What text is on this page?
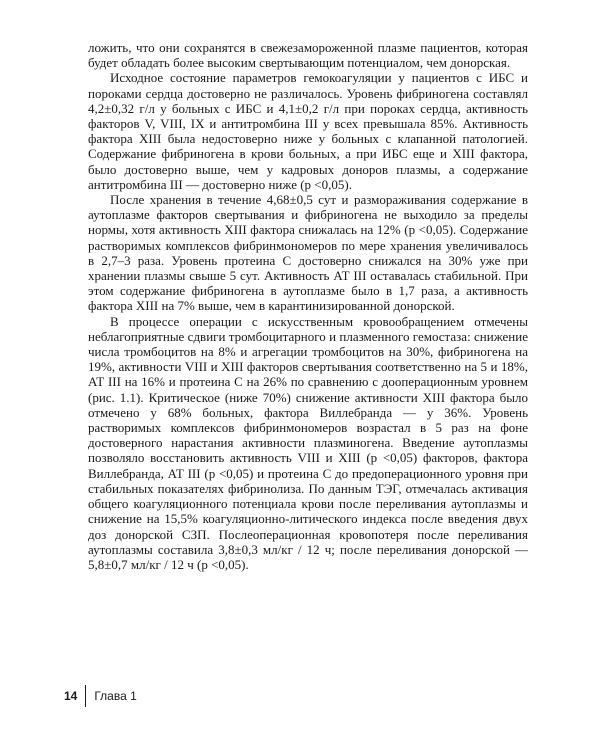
ложить, что они сохранятся в свежезамороженной плазме пациентов, которая будет обладать более высоким свертывающим потенциалом, чем донорская.

Исходное состояние параметров гемокоагуляции у пациентов с ИБС и пороками сердца достоверно не различалось. Уровень фибриногена составлял 4,2±0,32 г/л у больных с ИБС и 4,1±0,2 г/л при пороках сердца, активность факторов V, VIII, IX и антитромбина III у всех превышала 85%. Активность фактора XIII была недостоверно ниже у больных с клапанной патологией. Содержание фибриногена в крови больных, а при ИБС еще и XIII фактора, было достоверно выше, чем у кадровых доноров плазмы, а содержание антитромбина III — достоверно ниже (p <0,05).

После хранения в течение 4,68±0,5 сут и размораживания содержание в аутоплазме факторов свертывания и фибриногена не выходило за пределы нормы, хотя активность XIII фактора снижалась на 12% (p <0,05). Содержание растворимых комплексов фибринмономеров по мере хранения увеличивалось в 2,7–3 раза. Уровень протеина С достоверно снижался на 30% уже при хранении плазмы свыше 5 сут. Активность АТ III оставалась стабильной. При этом содержание фибриногена в аутоплазме было в 1,7 раза, а активность фактора XIII на 7% выше, чем в карантинизированной донорской.

В процессе операции с искусственным кровообращением отмечены неблагоприятные сдвиги тромбоцитарного и плазменного гемостаза: снижение числа тромбоцитов на 8% и агрегации тромбоцитов на 30%, фибриногена на 19%, активности VIII и XIII факторов свертывания соответственно на 5 и 18%, АТ III на 16% и протеина С на 26% по сравнению с дооперационным уровнем (рис. 1.1). Критическое (ниже 70%) снижение активности XIII фактора было отмечено у 68% больных, фактора Виллебранда — у 36%. Уровень растворимых комплексов фибринмономеров возрастал в 5 раз на фоне достоверного нарастания активности плазминогена. Введение аутоплазмы позволяло восстановить активность VIII и XIII (p <0,05) факторов, фактора Виллебранда, АТ III (p <0,05) и протеина С до предоперационного уровня при стабильных показателях фибринолиза. По данным ТЭГ, отмечалась активация общего коагуляционного потенциала крови после переливания аутоплазмы и снижение на 15,5% коагуляционно-литического индекса после введения двух доз донорской СЗП. Послеоперационная кровопотеря после переливания аутоплазмы составила 3,8±0,3 мл/кг / 12 ч; после переливания донорской — 5,8±0,7 мл/кг / 12 ч (p <0,05).

14 Глава 1
